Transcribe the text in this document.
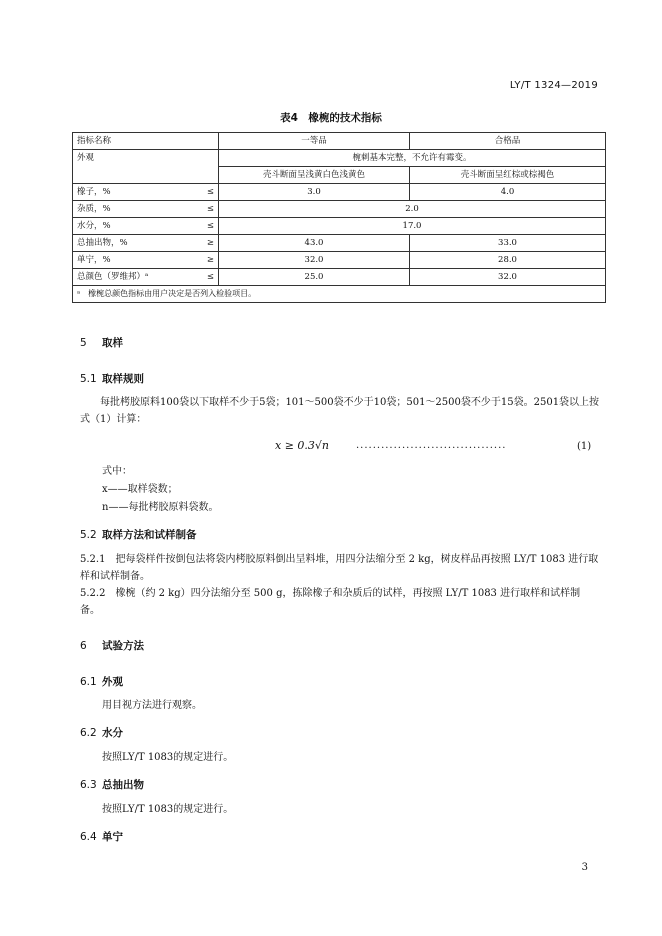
LY/T 1324—2019
表4　橡椀的技术指标
指标名称	一等品	合格品
外观	椀刺基本完整，不允许有霉变。	
	壳斗断面呈浅黄白色浅黄色	壳斗断面呈红棕或棕褐色

橡子，% ≤	3.0	4.0

杂质，% ≤	2.0	

水分，% ≤	17.0	

总抽出物，% ≥	43.0	33.0

单宁，% ≥	32.0	28.0

总颜色（罗维邦）ᵃ ≤	25.0	32.0
ᵃ　橡椀总颜色指标由用户决定是否列入检验项目。		
5 取样
5.1 取样规则
每批栲胶原料100袋以下取样不少于5袋；101～500袋不少于10袋；501～2500袋不少于15袋。2501袋以上按式（1）计算：
x ≥ 0.3√n	....................................	(1)
式中：
x——取样袋数；
n——每批栲胶原料袋数。
5.2 取样方法和试样制备
5.2.1　把每袋样件按倒包法将袋内栲胶原料倒出呈料堆，用四分法缩分至 2 kg，树皮样品再按照 LY/T 1083 进行取样和试样制备。
5.2.2　橡椀（约 2 kg）四分法缩分至 500 g，拣除橡子和杂质后的试样，再按照 LY/T 1083 进行取样和试样制备。
6 试验方法
6.1 外观
用目视方法进行观察。
6.2 水分
按照LY/T 1083的规定进行。
6.3 总抽出物
按照LY/T 1083的规定进行。
6.4 单宁
3
